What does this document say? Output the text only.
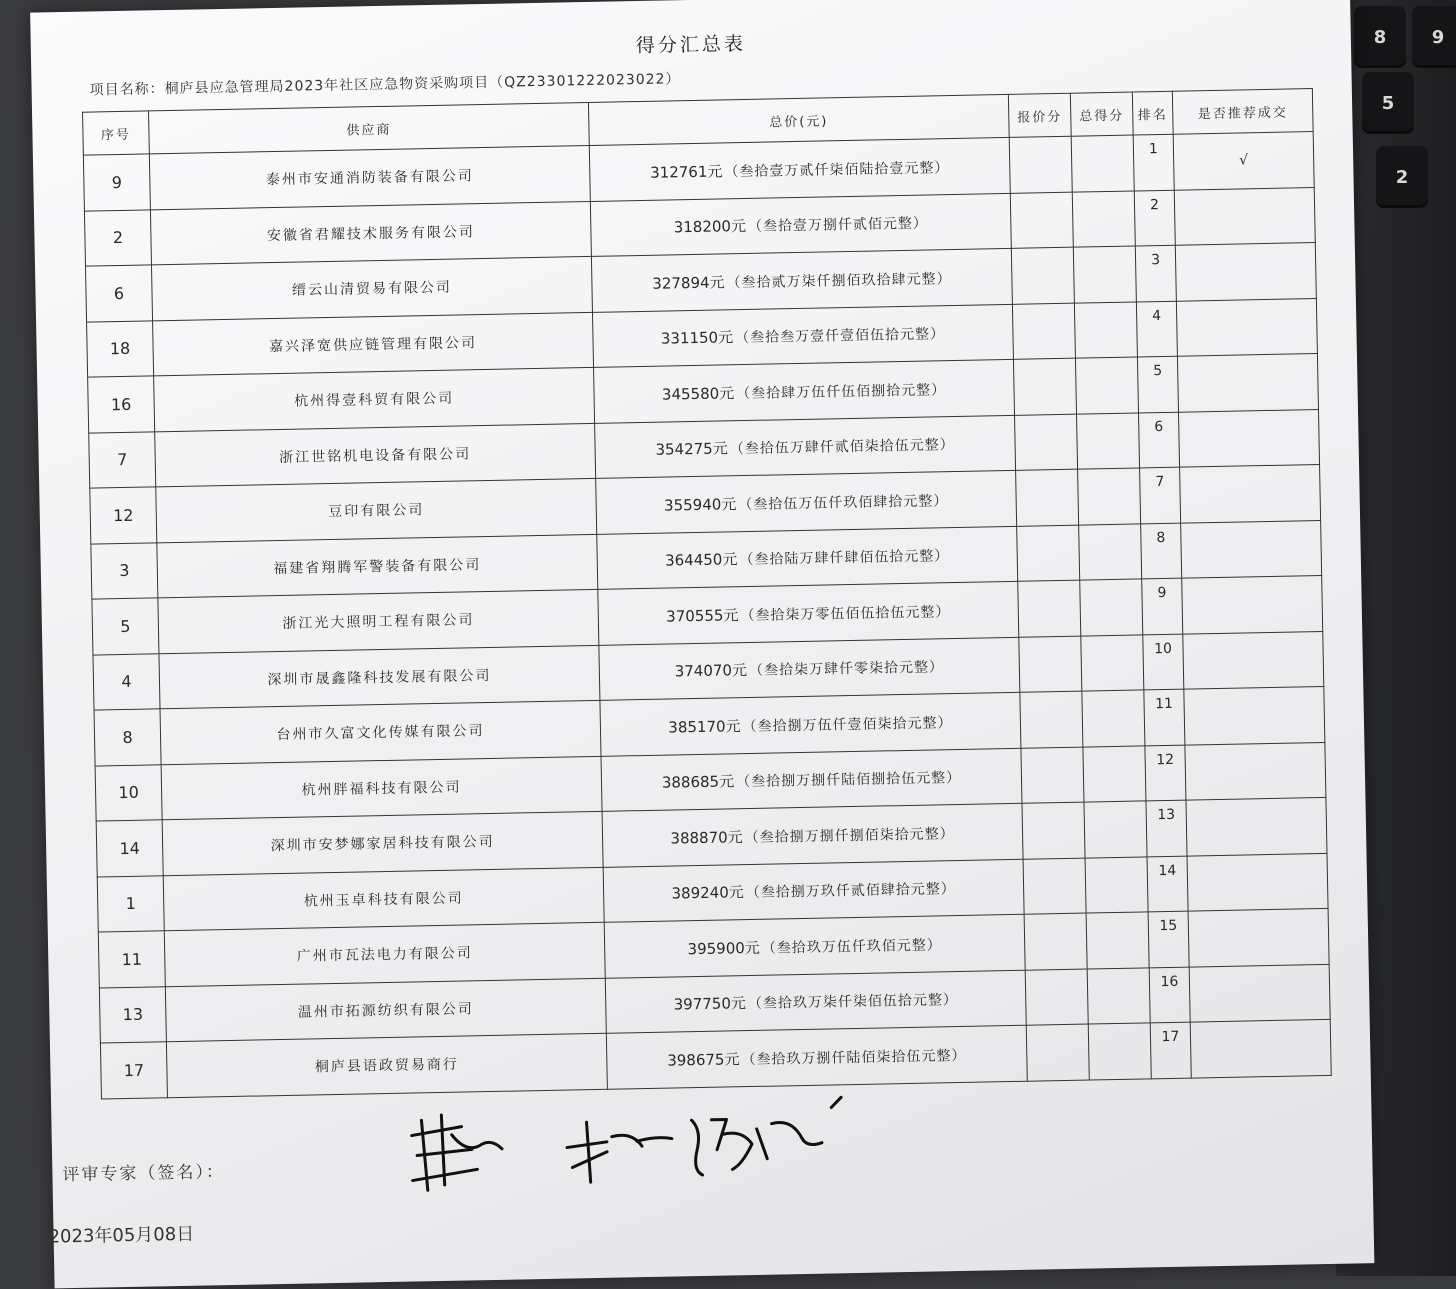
8	9
5
2
得分汇总表
项目名称：桐庐县应急管理局2023年社区应急物资采购项目（QZ23301222023022）
序号	供应商	总价(元)	报价分	总得分	排名	是否推荐成交
9	泰州市安通消防装备有限公司	312761元 （叁拾壹万贰仟柒佰陆拾壹元整）			1	√
2	安徽省君耀技术服务有限公司	318200元 （叁拾壹万捌仟贰佰元整）			2	
6	缙云山清贸易有限公司	327894元 （叁拾贰万柒仟捌佰玖拾肆元整）			3	
18	嘉兴泽宽供应链管理有限公司	331150元 （叁拾叁万壹仟壹佰伍拾元整）			4	
16	杭州得壹科贸有限公司	345580元 （叁拾肆万伍仟伍佰捌拾元整）			5	
7	浙江世铭机电设备有限公司	354275元 （叁拾伍万肆仟贰佰柒拾伍元整）			6	
12	豆印有限公司	355940元 （叁拾伍万伍仟玖佰肆拾元整）			7	
3	福建省翔腾军警装备有限公司	364450元 （叁拾陆万肆仟肆佰伍拾元整）			8	
5	浙江光大照明工程有限公司	370555元 （叁拾柒万零伍佰伍拾伍元整）			9	
4	深圳市晟鑫隆科技发展有限公司	374070元 （叁拾柒万肆仟零柒拾元整）			10	
8	台州市久富文化传媒有限公司	385170元 （叁拾捌万伍仟壹佰柒拾元整）			11	
10	杭州胖福科技有限公司	388685元 （叁拾捌万捌仟陆佰捌拾伍元整）			12	
14	深圳市安梦娜家居科技有限公司	388870元 （叁拾捌万捌仟捌佰柒拾元整）			13	
1	杭州玉卓科技有限公司	389240元 （叁拾捌万玖仟贰佰肆拾元整）			14	
11	广州市瓦法电力有限公司	395900元 （叁拾玖万伍仟玖佰元整）			15	
13	温州市拓源纺织有限公司	397750元 （叁拾玖万柒仟柒佰伍拾元整）			16	
17	桐庐县语政贸易商行	398675元 （叁拾玖万捌仟陆佰柒拾伍元整）			17	
评审专家（签名）：
2023年05月08日
